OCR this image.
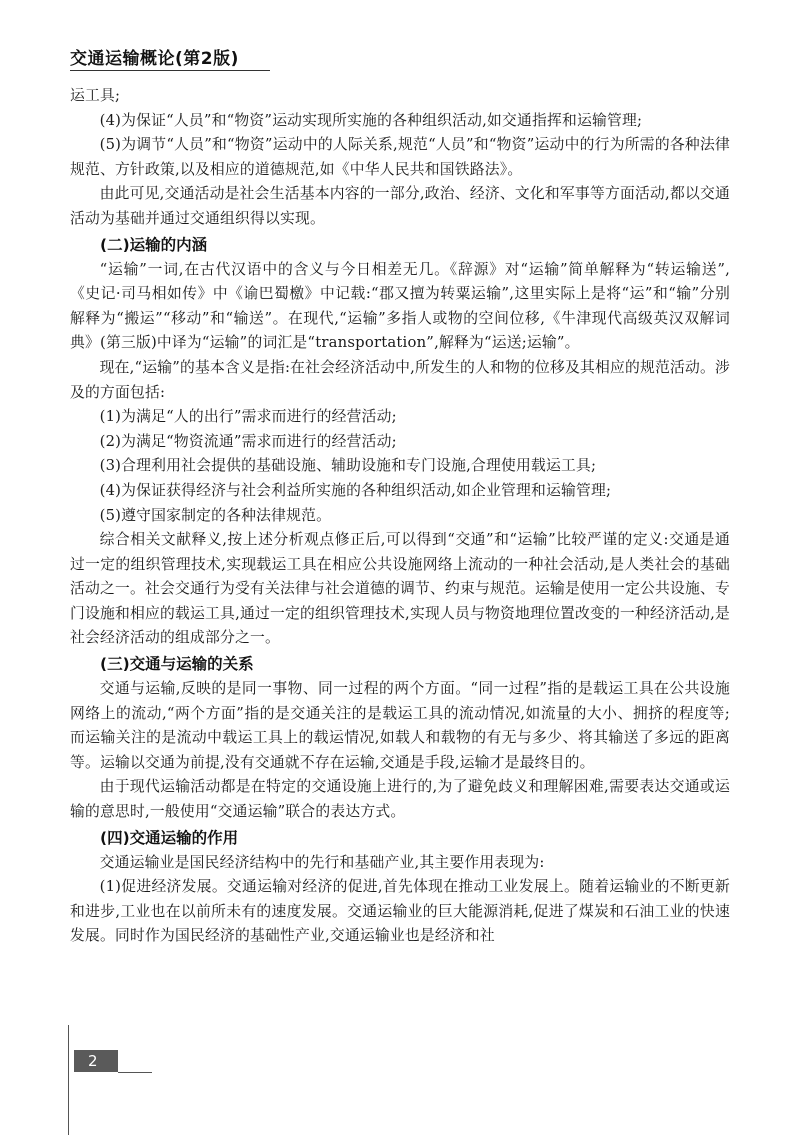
交通运输概论(第2版)

运工具;

(4)为保证“人员”和“物资”运动实现所实施的各种组织活动,如交通指挥和运输管理;

(5)为调节“人员”和“物资”运动中的人际关系,规范“人员”和“物资”运动中的行为所需的各种法律规范、方针政策,以及相应的道德规范,如《中华人民共和国铁路法》。

由此可见,交通活动是社会生活基本内容的一部分,政治、经济、文化和军事等方面活动,都以交通活动为基础并通过交通组织得以实现。

(二)运输的内涵

“运输”一词,在古代汉语中的含义与今日相差无几。《辞源》对“运输”简单解释为“转运输送”,《史记·司马相如传》中《谕巴蜀檄》中记载:“郡又擅为转粟运输”,这里实际上是将“运”和“输”分别解释为“搬运”“移动”和“输送”。在现代,“运输”多指人或物的空间位移,《牛津现代高级英汉双解词典》(第三版)中译为“运输”的词汇是“transportation”,解释为“运送;运输”。

现在,“运输”的基本含义是指:在社会经济活动中,所发生的人和物的位移及其相应的规范活动。涉及的方面包括:

(1)为满足“人的出行”需求而进行的经营活动;

(2)为满足“物资流通”需求而进行的经营活动;

(3)合理利用社会提供的基础设施、辅助设施和专门设施,合理使用载运工具;

(4)为保证获得经济与社会利益所实施的各种组织活动,如企业管理和运输管理;

(5)遵守国家制定的各种法律规范。

综合相关文献释义,按上述分析观点修正后,可以得到“交通”和“运输”比较严谨的定义:交通是通过一定的组织管理技术,实现载运工具在相应公共设施网络上流动的一种社会活动,是人类社会的基础活动之一。社会交通行为受有关法律与社会道德的调节、约束与规范。运输是使用一定公共设施、专门设施和相应的载运工具,通过一定的组织管理技术,实现人员与物资地理位置改变的一种经济活动,是社会经济活动的组成部分之一。

(三)交通与运输的关系

交通与运输,反映的是同一事物、同一过程的两个方面。“同一过程”指的是载运工具在公共设施网络上的流动,“两个方面”指的是交通关注的是载运工具的流动情况,如流量的大小、拥挤的程度等;而运输关注的是流动中载运工具上的载运情况,如载人和载物的有无与多少、将其输送了多远的距离等。运输以交通为前提,没有交通就不存在运输,交通是手段,运输才是最终目的。

由于现代运输活动都是在特定的交通设施上进行的,为了避免歧义和理解困难,需要表达交通或运输的意思时,一般使用“交通运输”联合的表达方式。

(四)交通运输的作用

交通运输业是国民经济结构中的先行和基础产业,其主要作用表现为:

(1)促进经济发展。交通运输对经济的促进,首先体现在推动工业发展上。随着运输业的不断更新和进步,工业也在以前所未有的速度发展。交通运输业的巨大能源消耗,促进了煤炭和石油工业的快速发展。同时作为国民经济的基础性产业,交通运输业也是经济和社

2
